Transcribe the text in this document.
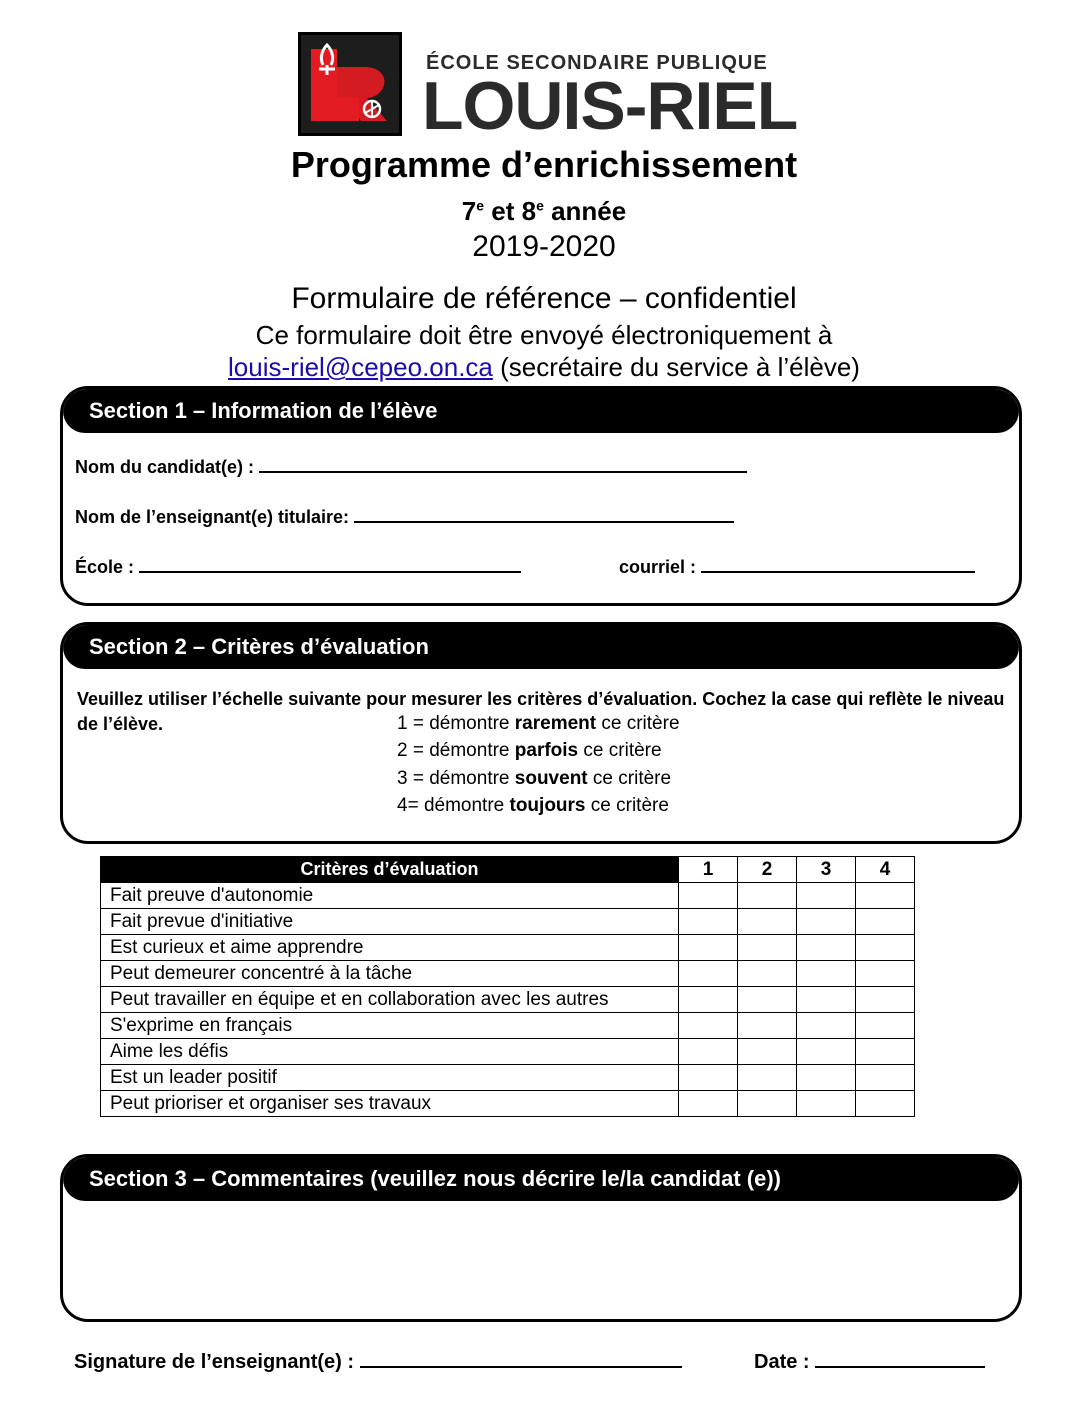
ÉCOLE SECONDAIRE PUBLIQUE
LOUIS-RIEL
Programme d’enrichissement
7e et 8e année
2019-2020
Formulaire de référence – confidentiel
Ce formulaire doit être envoyé électroniquement à
louis-riel@cepeo.on.ca (secrétaire du service à l’élève)
Section 1 – Information de l’élève
Nom du candidat(e) :
Nom de l’enseignant(e) titulaire:
École :	courriel :
Section 2 – Critères d’évaluation
Veuillez utiliser l’échelle suivante pour mesurer les critères d’évaluation. Cochez la case qui reflète le niveau de l’élève.	1 = démontre rarement ce critère
2 = démontre parfois ce critère
3 = démontre souvent ce critère
4= démontre toujours ce critère
Critères d’évaluation	1	2	3	4
Fait preuve d'autonomie				
Fait prevue d'initiative				
Est curieux et aime apprendre				
Peut demeurer concentré à la tâche				
Peut travailler en équipe et en collaboration avec les autres				
S'exprime en français				
Aime les défis				
Est un leader positif				
Peut prioriser et organiser ses travaux				
Section 3 – Commentaires (veuillez nous décrire le/la candidat (e))
Signature de l’enseignant(e) :	Date :
